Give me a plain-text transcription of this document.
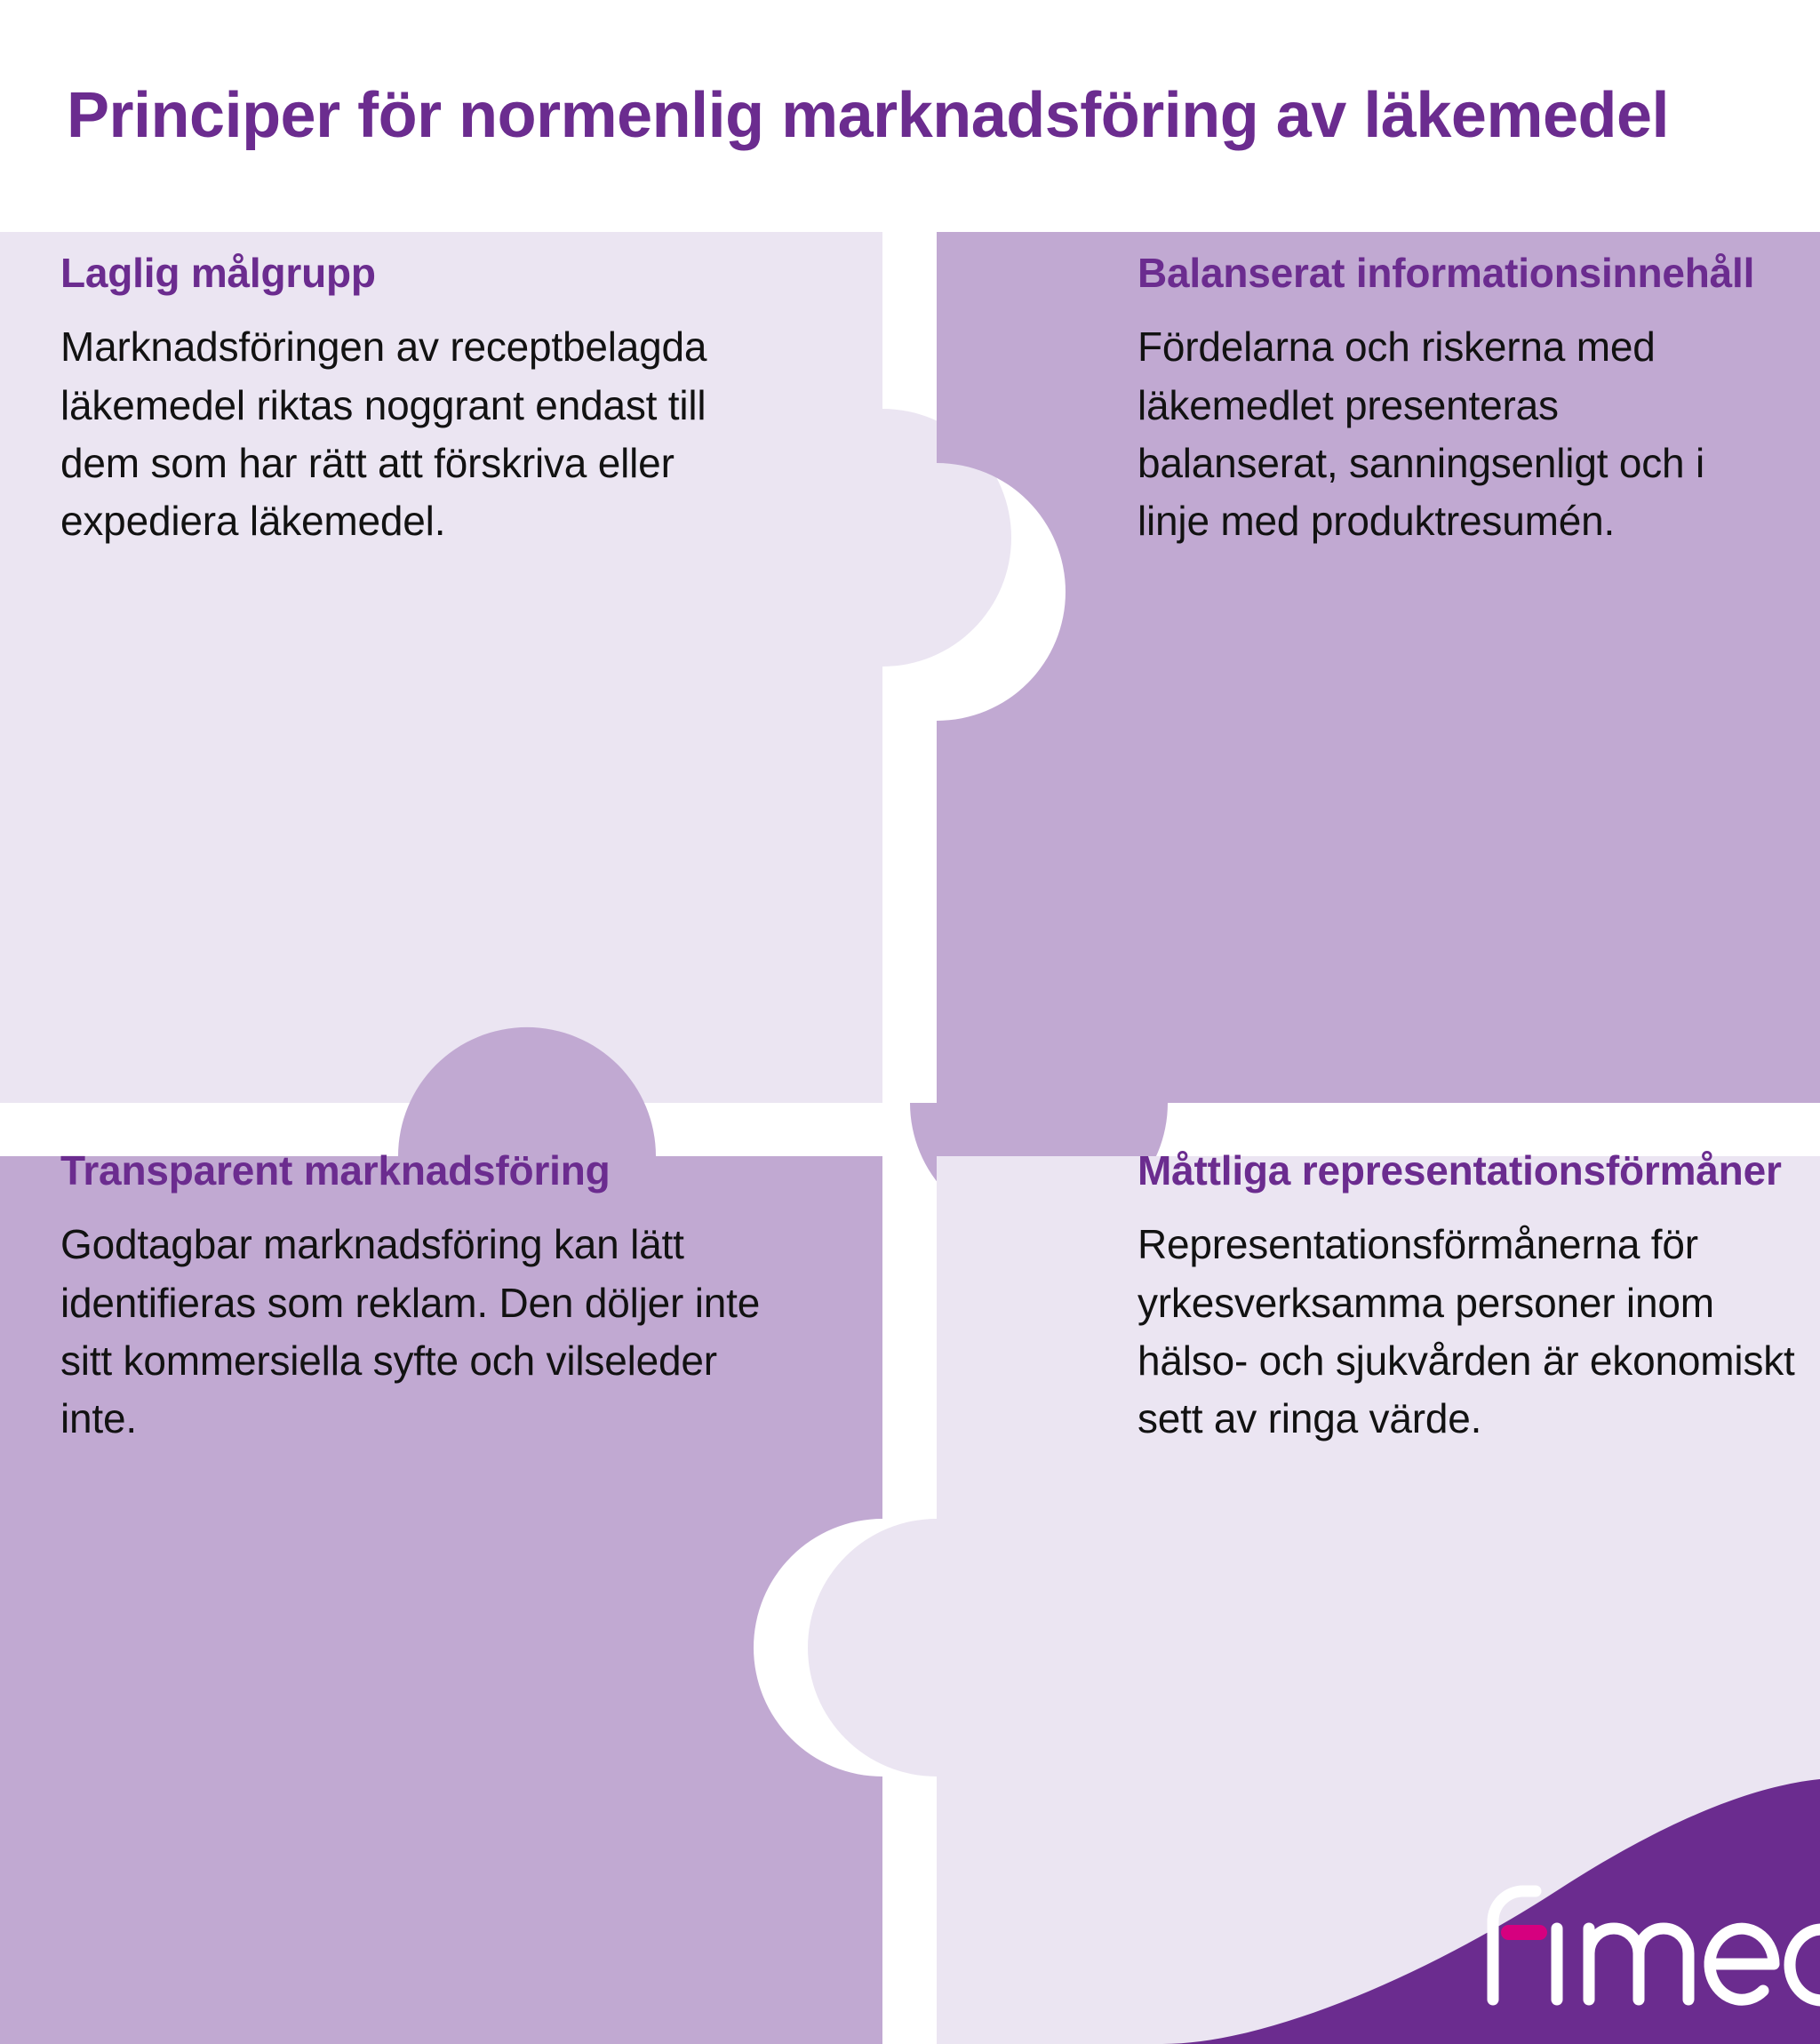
Principer för normenlig marknadsföring av läkemedel
Laglig målgrupp

Marknadsföringen av receptbelagda läkemedel riktas noggrant endast till dem som har rätt att förskriva eller expediera läkemedel.

Balanserat informationsinnehåll

Fördelarna och riskerna med läkemedlet presenteras balanserat, sanningsenligt och i linje med produktresumén.

Transparent marknadsföring

Godtagbar marknadsföring kan lätt identifieras som reklam. Den döljer inte sitt kommersiella syfte och vilseleder inte.

Måttliga representationsförmåner

Representationsförmånerna för yrkesverksamma personer inom hälso- och sjukvården är ekonomiskt sett av ringa värde.
